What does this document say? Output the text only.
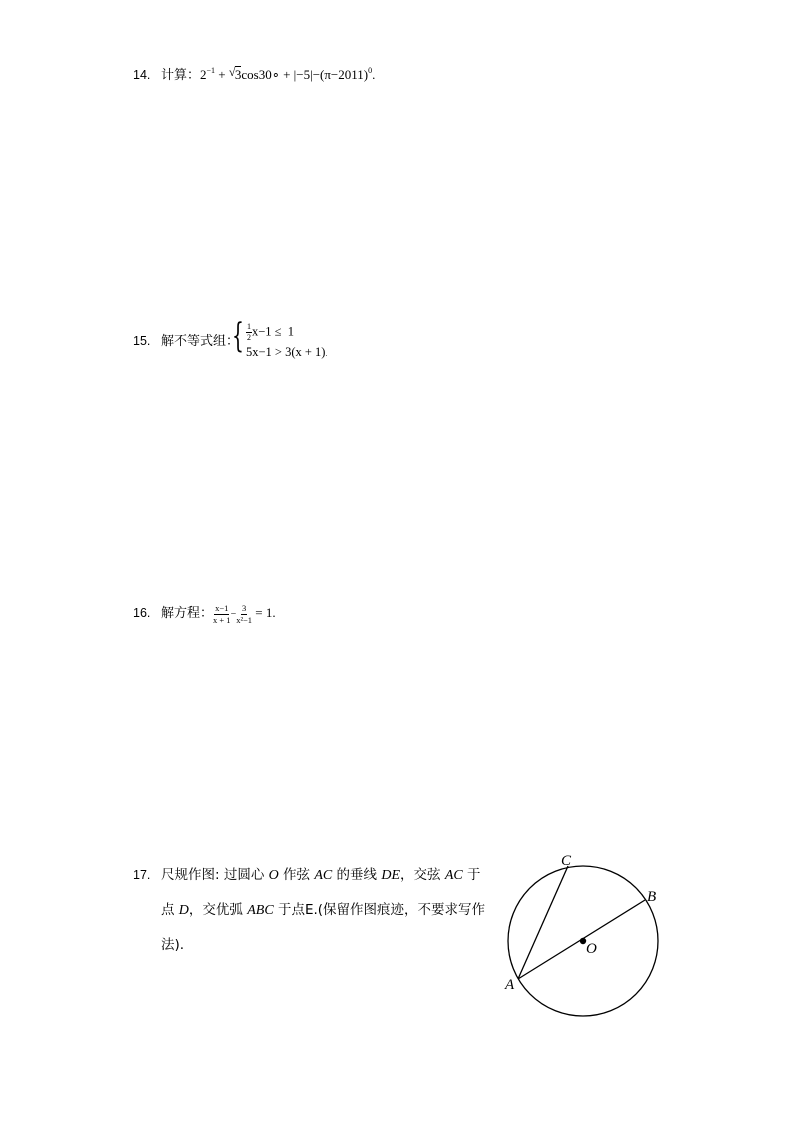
14. 计算：$2^{-1}$ + √ 3cos30∘ + $|-5|-(\pi-2011)^0$.
15. 解不等式组：
{ $\frac{1}{2} x-1 \le 1$
5x−1 > 3(x + 1).
16. 解方程： $\frac{x-1}{x + 1} - \frac{3}{\text{x²−1}} = 1$.
17. 尺规作图: 过圆心 O 作弦 AC 的垂线 DE，交弦 AC 于
点 D，交优弧 ABC 于点E.(保留作图痕迹，不要求写作
法).
A
B
C
O
